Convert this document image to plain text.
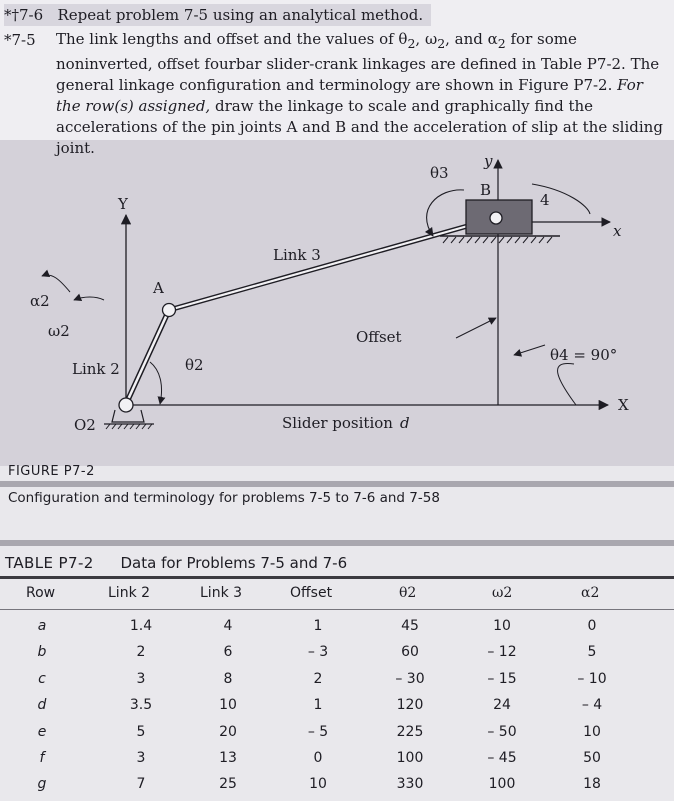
*†7-6 Repeat problem 7-5 using an analytical method.
*7-5 The link lengths and offset and the values of $\theta_2$, $\omega_2$, and $\alpha_2$ for some noninverted, offset fourbar slider-crank linkages are defined in Table P7-2. The general linkage configuration and terminology are shown in Figure P7-2. For the row(s) assigned, draw the linkage to scale and graphically find the accelerations of the pin joints A and B and the acceleration of slip at the sliding joint.
Y
y
X
x
α2
ω2
Link 2
O2
θ2
A
Link 3
θ3
B
4
Offset
θ4 = 90°
Slider position d
FIGURE P7-2
Configuration and terminology for problems 7-5 to 7-6 and 7-58
TABLE P7-2 Data for Problems 7-5 and 7-6
Row	Link 2	Link 3	Offset	θ2	ω2	α2
a	1.4	4	1	45	10	0
b	2	6	– 3	60	– 12	5
c	3	8	2	– 30	– 15	– 10
d	3.5	10	1	120	24	– 4
e	5	20	– 5	225	– 50	10
f	3	13	0	100	– 45	50
g	7	25	10	330	100	18
